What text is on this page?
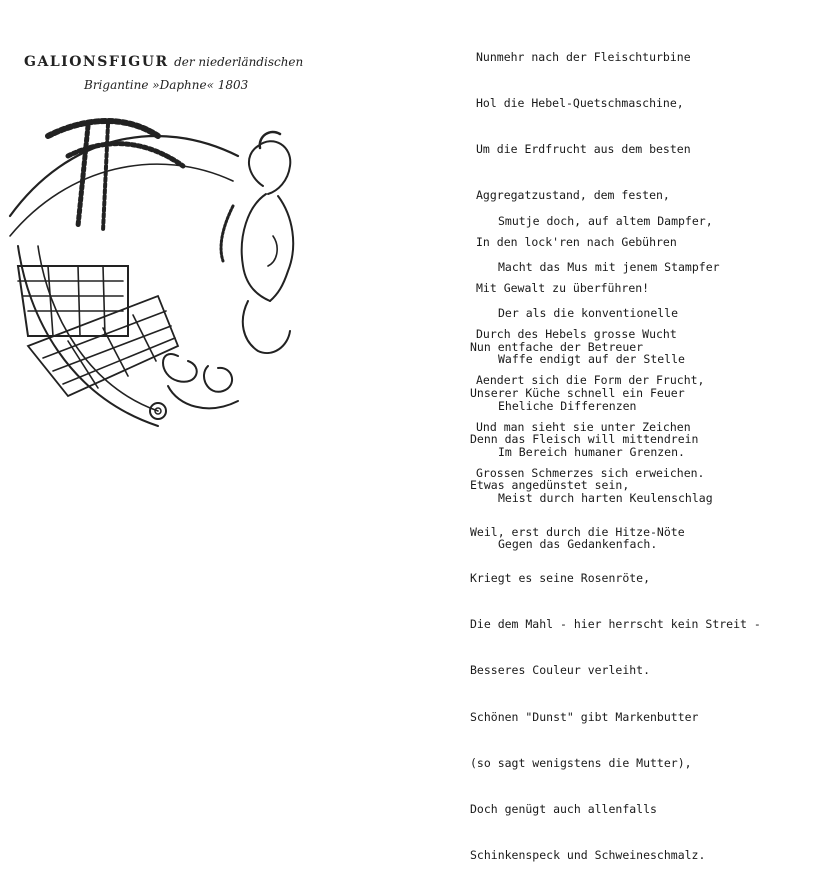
GALIONSFIGUR der niederländischen
Brigantine »Daphne« 1803

Nunmehr nach der Fleischturbine

Hol die Hebel-Quetschmaschine,

Um die Erdfrucht aus dem besten

Aggregatzustand, dem festen,

In den lock'ren nach Gebühren

Mit Gewalt zu überführen!

Durch des Hebels grosse Wucht

Aendert sich die Form der Frucht,

Und man sieht sie unter Zeichen

Grossen Schmerzes sich erweichen.

Smutje doch, auf altem Dampfer,

Macht das Mus mit jenem Stampfer

Der als die konventionelle

Waffe endigt auf der Stelle

Eheliche Differenzen

Im Bereich humaner Grenzen.

Meist durch harten Keulenschlag

Gegen das Gedankenfach.

Nun entfache der Betreuer

Unserer Küche schnell ein Feuer

Denn das Fleisch will mittendrein

Etwas angedünstet sein,

Weil, erst durch die Hitze-Nöte

Kriegt es seine Rosenröte,

Die dem Mahl - hier herrscht kein Streit -

Besseres Couleur verleiht.

Schönen "Dunst" gibt Markenbutter

(so sagt wenigstens die Mutter),

Doch genügt auch allenfalls

Schinkenspeck und Schweineschmalz.
